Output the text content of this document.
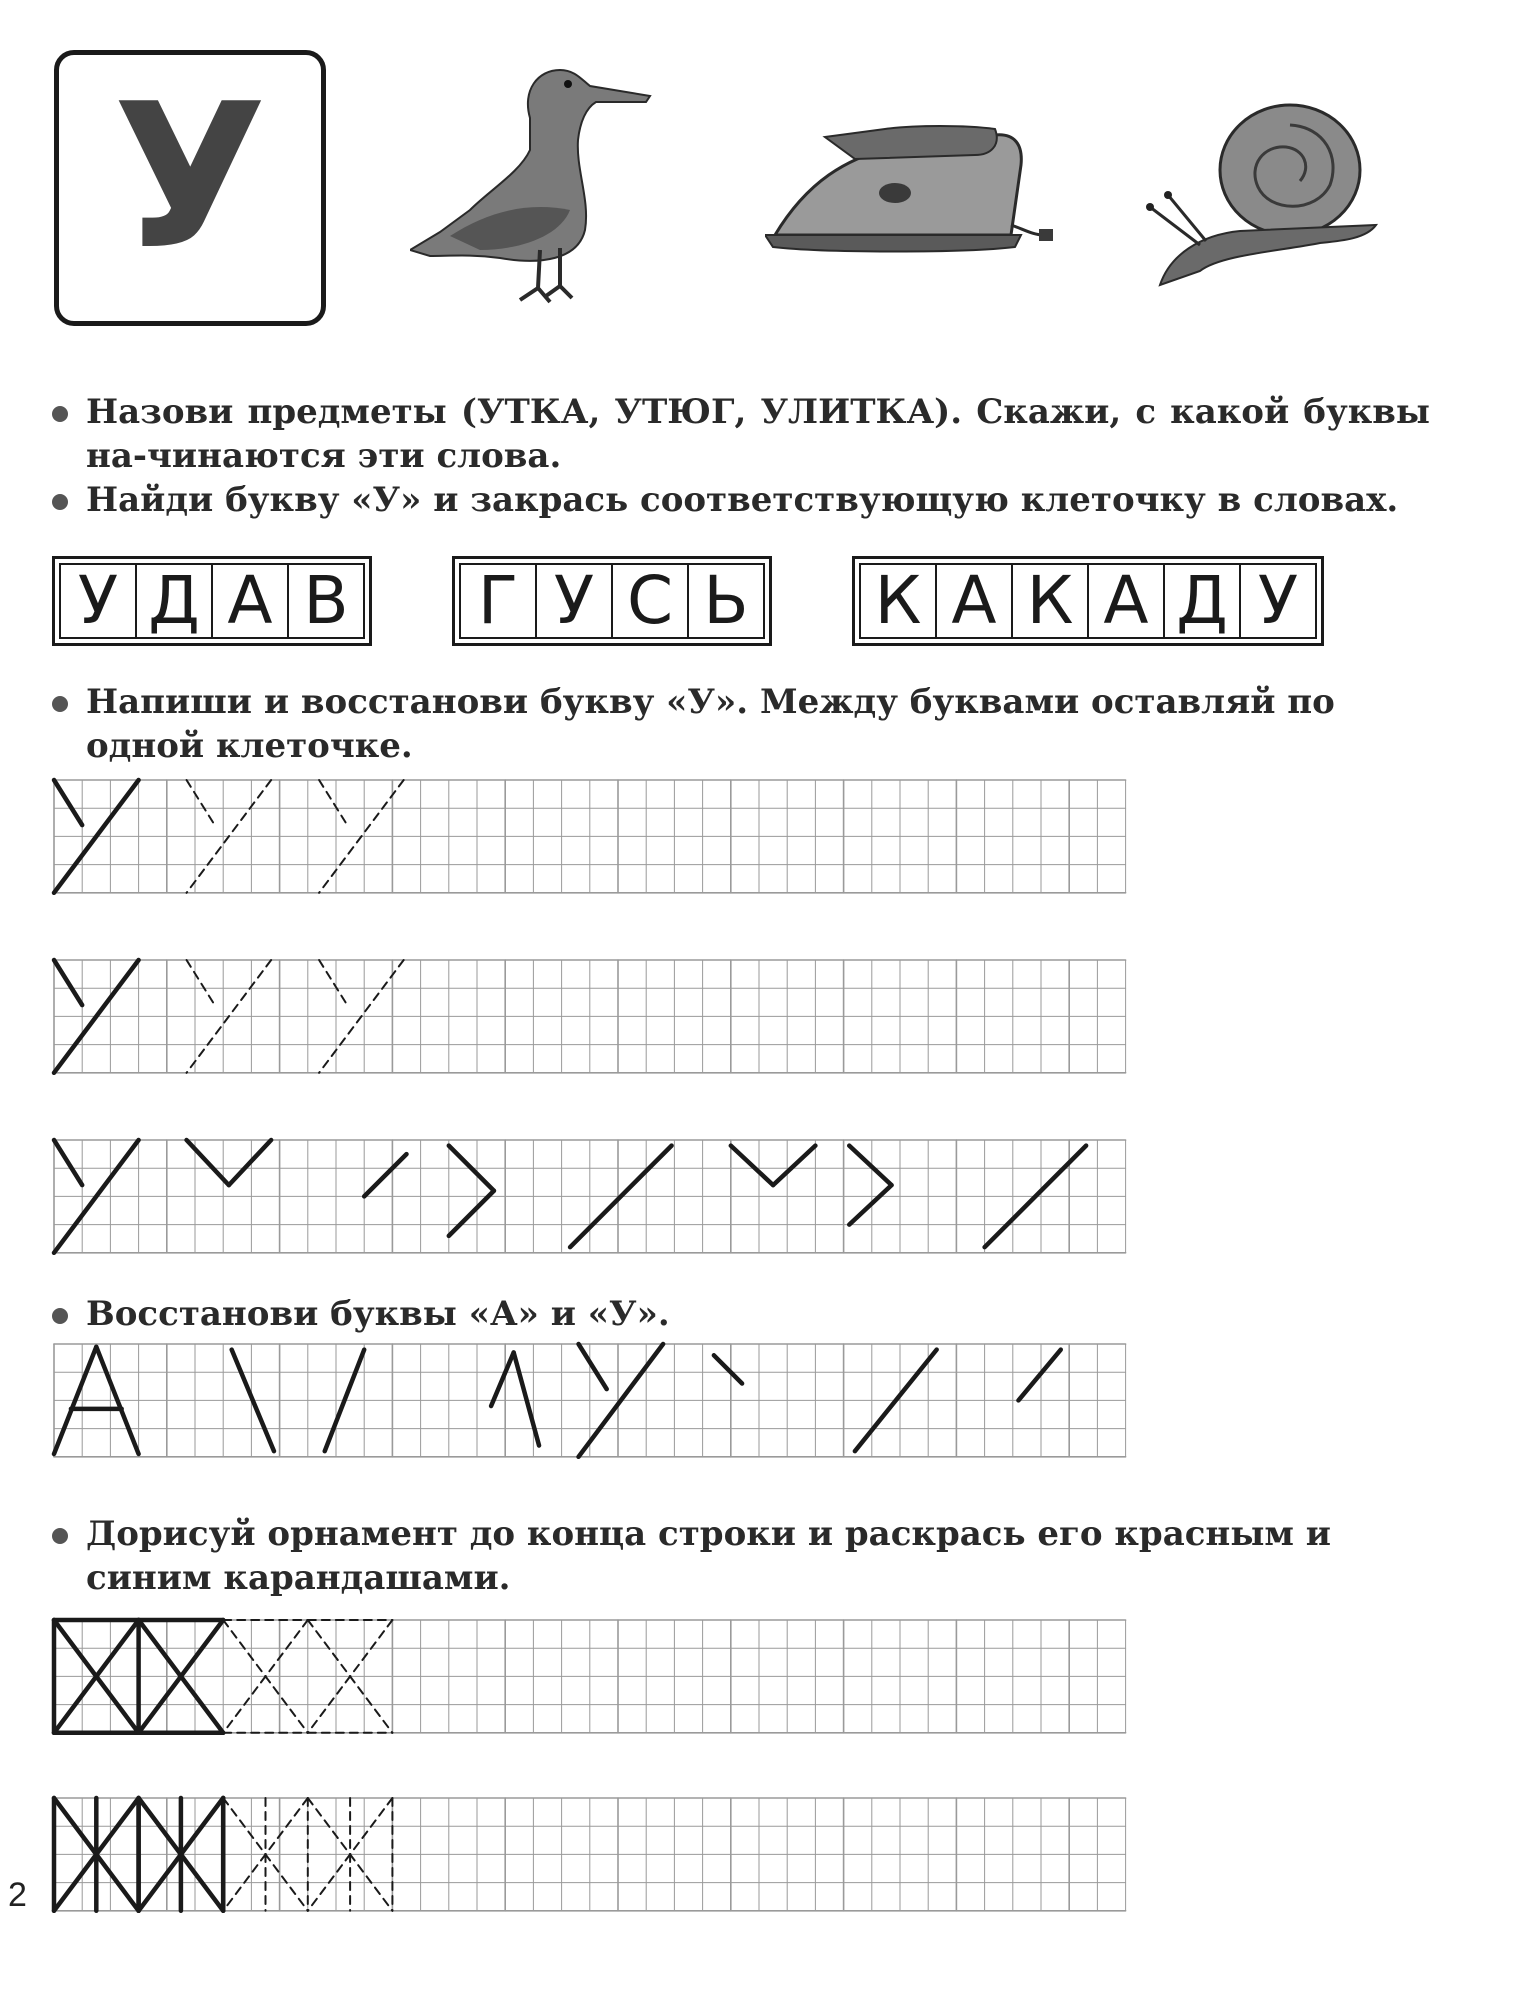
У
Назови предметы (УТКА, УТЮГ, УЛИТКА). Скажи, с какой буквы на-чинаются эти слова.
Найди букву «У» и закрась соответствующую клеточку в словах.
У Д А В Г У С Ь К А К А Д У
Напиши и восстанови букву «У». Между буквами оставляй по одной клеточке.
Восстанови буквы «А» и «У».
Дорисуй орнамент до конца строки и раскрась его красным и синим карандашами.
2
